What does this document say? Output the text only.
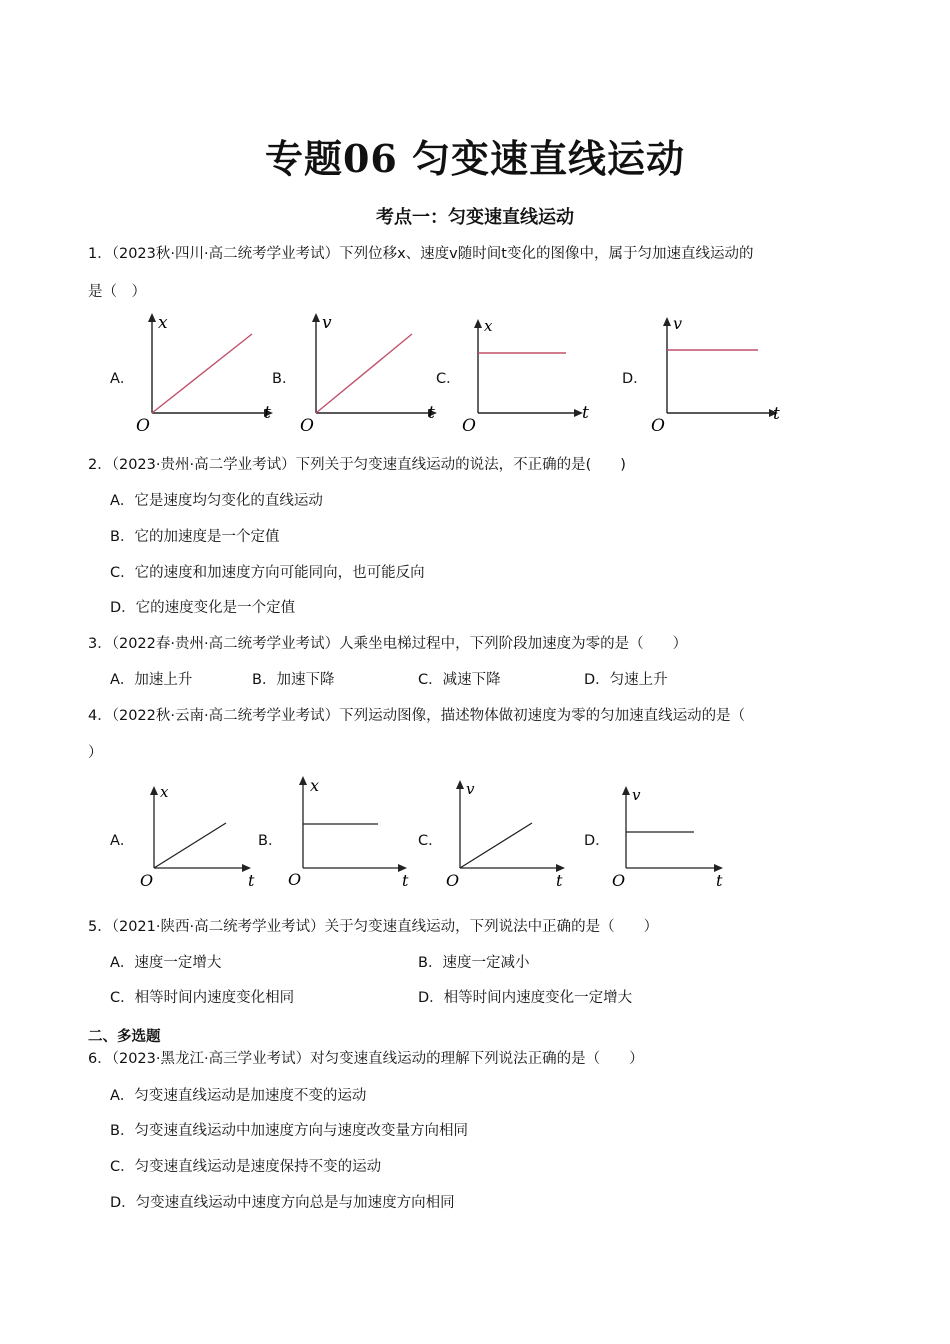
专题06 匀变速直线运动
考点一：匀变速直线运动
1．（2023秋·四川·高二统考学业考试）下列位移x、速度v随时间t变化的图像中，属于匀加速直线运动的
是（　）
A．	B．	C．	D．
x
t
O
v
t
O
x
t
O
v
t
O
2．（2023·贵州·高二学业考试）下列关于匀变速直线运动的说法，不正确的是(　　)
A．它是速度均匀变化的直线运动
B．它的加速度是一个定值
C．它的速度和加速度方向可能同向，也可能反向
D．它的速度变化是一个定值
3．（2022春·贵州·高二统考学业考试）人乘坐电梯过程中，下列阶段加速度为零的是（　　）
A．加速上升	B．加速下降	C．减速下降	D．匀速上升
4．（2022秋·云南·高二统考学业考试）下列运动图像，描述物体做初速度为零的匀加速直线运动的是（
）
A．	B．	C．	D．
x
t
O
x
t
O
v
t
O
v
t
O
5．（2021·陕西·高二统考学业考试）关于匀变速直线运动，下列说法中正确的是（　　）
A．速度一定增大	B．速度一定减小
C．相等时间内速度变化相同	D．相等时间内速度变化一定增大
二、多选题
6．（2023·黑龙江·高三学业考试）对匀变速直线运动的理解下列说法正确的是（　　）
A．匀变速直线运动是加速度不变的运动
B．匀变速直线运动中加速度方向与速度改变量方向相同
C．匀变速直线运动是速度保持不变的运动
D．匀变速直线运动中速度方向总是与加速度方向相同
